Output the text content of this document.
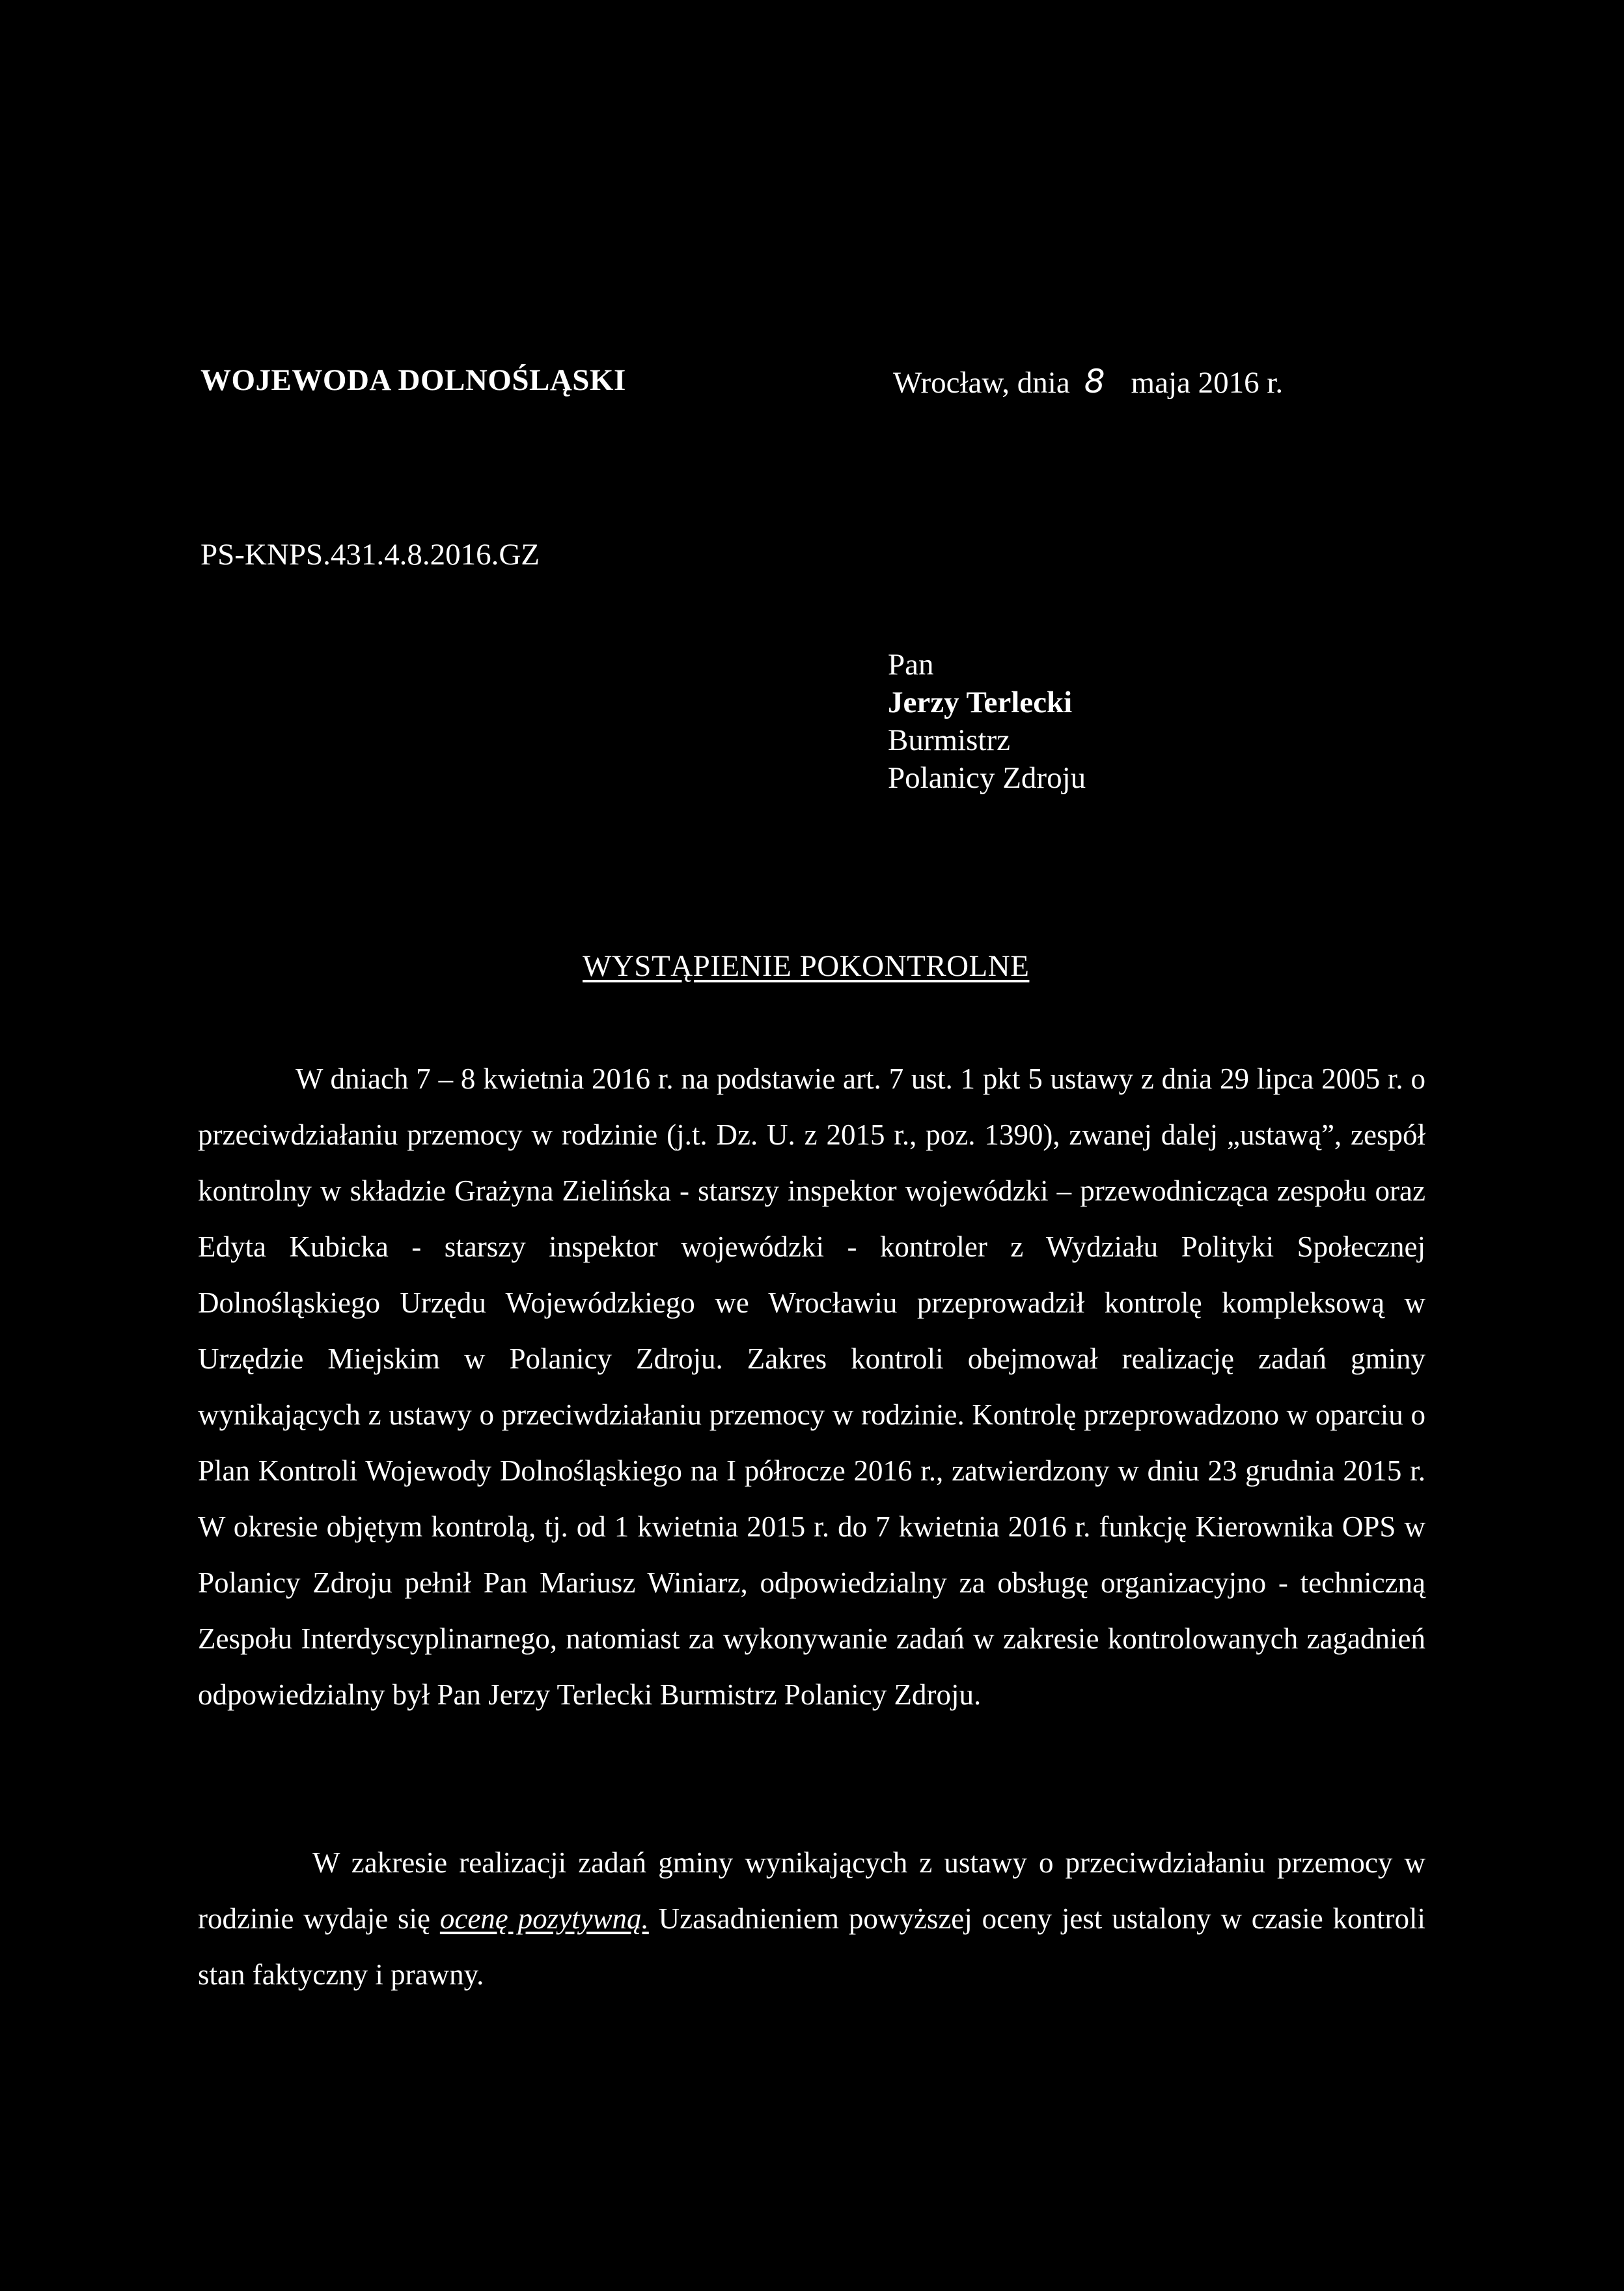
WOJEWODA DOLNOŚLĄSKI	Wrocław, dnia 8 maja 2016 r.
PS-KNPS.431.4.8.2016.GZ
Pan
Jerzy Terlecki
Burmistrz
Polanicy Zdroju
WYSTĄPIENIE POKONTROLNE

W dniach 7 – 8 kwietnia 2016 r. na podstawie art. 7 ust. 1 pkt 5 ustawy z dnia 29 lipca 2005 r. o przeciwdziałaniu przemocy w rodzinie (j.t. Dz. U. z 2015 r., poz. 1390), zwanej dalej „ustawą”, zespół kontrolny w składzie Grażyna Zielińska - starszy inspektor wojewódzki – przewodnicząca zespołu oraz Edyta Kubicka - starszy inspektor wojewódzki - kontroler z Wydziału Polityki Społecznej Dolnośląskiego Urzędu Wojewódzkiego we Wrocławiu przeprowadził kontrolę kompleksową w Urzędzie Miejskim w Polanicy Zdroju. Zakres kontroli obejmował realizację zadań gminy wynikających z ustawy o przeciwdziałaniu przemocy w rodzinie. Kontrolę przeprowadzono w oparciu o Plan Kontroli Wojewody Dolnośląskiego na I półrocze 2016 r., zatwierdzony w dniu 23 grudnia 2015 r. W okresie objętym kontrolą, tj. od 1 kwietnia 2015 r. do 7 kwietnia 2016 r. funkcję Kierownika OPS w Polanicy Zdroju pełnił Pan Mariusz Winiarz, odpowiedzialny za obsługę organizacyjno - techniczną Zespołu Interdyscyplinarnego, natomiast za wykonywanie zadań w zakresie kontrolowanych zagadnień odpowiedzialny był Pan Jerzy Terlecki Burmistrz Polanicy Zdroju.

W zakresie realizacji zadań gminy wynikających z ustawy o przeciwdziałaniu przemocy w rodzinie wydaje się ocenę pozytywną. Uzasadnieniem powyższej oceny jest ustalony w czasie kontroli stan faktyczny i prawny.
